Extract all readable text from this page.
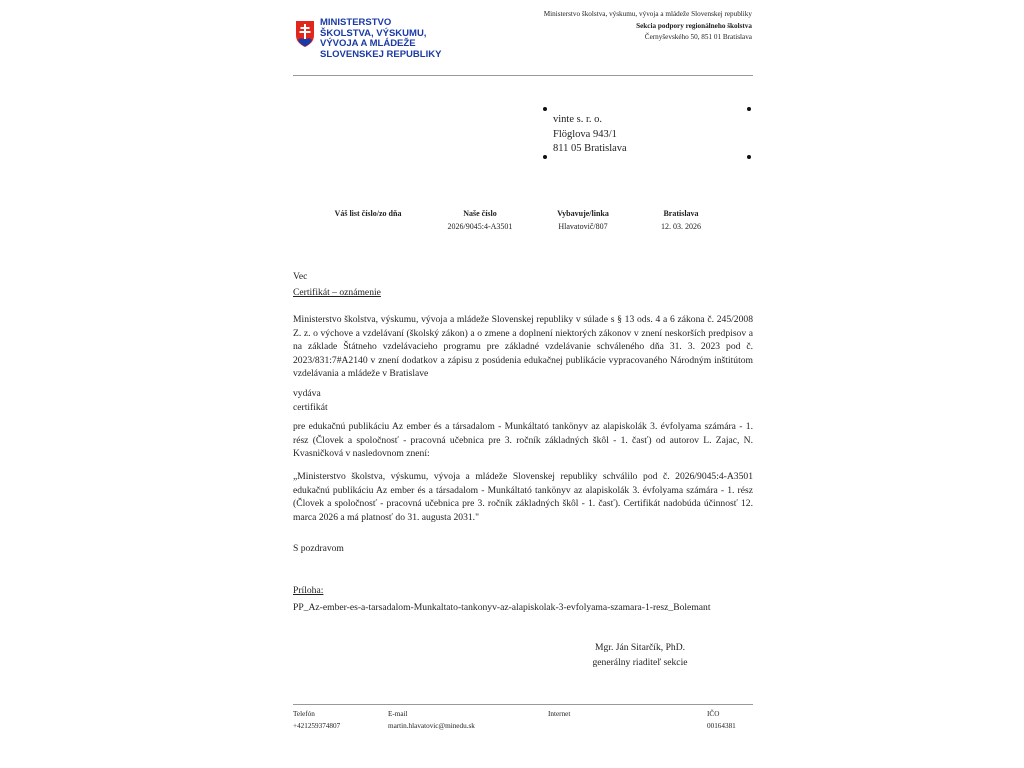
MINISTERSTVO
ŠKOLSTVA, VÝSKUMU,
VÝVOJA A MLÁDEŽE
SLOVENSKEJ REPUBLIKY
Ministerstvo školstva, výskumu, vývoja a mládeže Slovenskej republiky
Sekcia podpory regionálneho školstva
Černyševského 50, 851 01 Bratislava
vinte s. r. o.
Flöglova 943/1
811 05 Bratislava
Váš list číslo/zo dňa	Naše číslo
2026/9045:4-A3501
Vybavuje/linka
Hlavatovič/807
Bratislava
12. 03. 2026
Vec
Certifikát – oznámenie
Ministerstvo školstva, výskumu, vývoja a mládeže Slovenskej republiky v súlade s § 13 ods. 4 a 6 zákona č. 245/2008 Z. z. o výchove a vzdelávaní (školský zákon) a o zmene a doplnení niektorých zákonov v znení neskorších predpisov a na základe Štátneho vzdelávacieho programu pre základné vzdelávanie schváleného dňa 31. 3. 2023 pod č. 2023/831:7#A2140 v znení dodatkov a zápisu z posúdenia edukačnej publikácie vypracovaného Národným inštitútom vzdelávania a mládeže v Bratislave
vydáva
certifikát
pre edukačnú publikáciu Az ember és a társadalom - Munkáltató tankönyv az alapiskolák 3. évfolyama számára - 1. rész (Človek a spoločnosť - pracovná učebnica pre 3. ročník základných škôl - 1. časť) od autorov L. Zajac, N. Kvasničková v nasledovnom znení:
„Ministerstvo školstva, výskumu, vývoja a mládeže Slovenskej republiky schválilo pod č. 2026/9045:4-A3501 edukačnú publikáciu Az ember és a társadalom - Munkáltató tankönyv az alapiskolák 3. évfolyama számára - 1. rész (Človek a spoločnosť - pracovná učebnica pre 3. ročník základných škôl - 1. časť). Certifikát nadobúda účinnosť 12. marca 2026 a má platnosť do 31. augusta 2031."
S pozdravom
Príloha:
PP_Az-ember-es-a-tarsadalom-Munkaltato-tankonyv-az-alapiskolak-3-evfolyama-szamara-1-resz_Bolemant
Mgr. Ján Sitarčík, PhD.
generálny riaditeľ sekcie
Telefón
+421259374807
E-mail
martin.hlavatovic@minedu.sk
Internet	IČO
00164381
